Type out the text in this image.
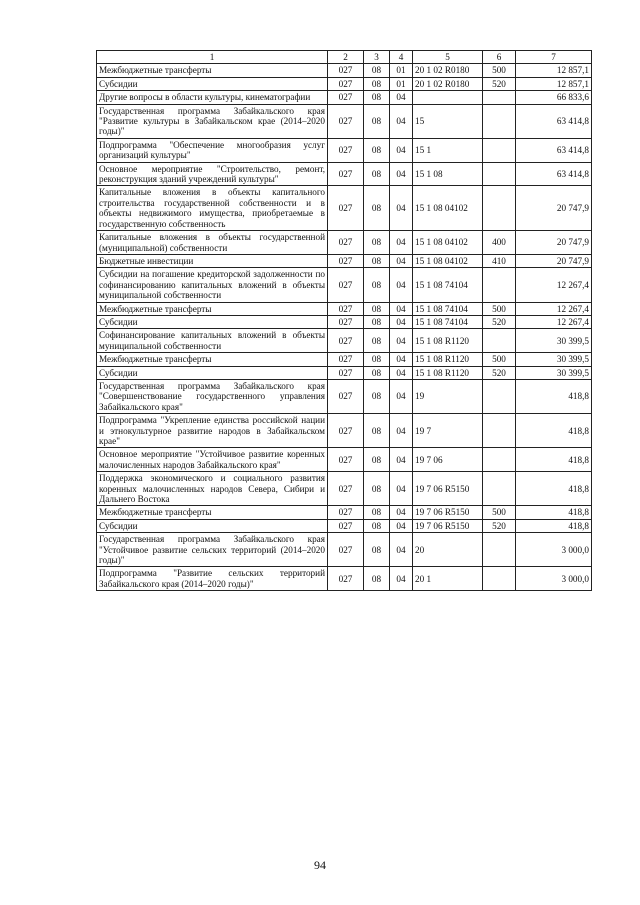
1	2	3	4	5	6	7
Межбюджетные трансферты	027	08	01	20 1 02 R0180	500	12 857,1
Субсидии	027	08	01	20 1 02 R0180	520	12 857,1
Другие вопросы в области культуры, кинематографии	027	08	04			66 833,6
Государственная программа Забайкальского края "Развитие культуры в Забайкальском крае (2014–2020 годы)"	027	08	04	15		63 414,8
Подпрограмма "Обеспечение многообразия услуг организаций культуры"	027	08	04	15 1		63 414,8
Основное мероприятие "Строительство, ремонт, реконструкция зданий учреждений культуры"	027	08	04	15 1 08		63 414,8
Капитальные вложения в объекты капитального строительства государственной собственности и в объекты недвижимого имущества, приобретаемые в государственную собственность	027	08	04	15 1 08 04102		20 747,9
Капитальные вложения в объекты государственной (муниципальной) собственности	027	08	04	15 1 08 04102	400	20 747,9
Бюджетные инвестиции	027	08	04	15 1 08 04102	410	20 747,9
Субсидии на погашение кредиторской задолженности по софинансированию капитальных вложений в объекты муниципальной собственности	027	08	04	15 1 08 74104		12 267,4
Межбюджетные трансферты	027	08	04	15 1 08 74104	500	12 267,4
Субсидии	027	08	04	15 1 08 74104	520	12 267,4
Софинансирование капитальных вложений в объекты муниципальной собственности	027	08	04	15 1 08 R1120		30 399,5
Межбюджетные трансферты	027	08	04	15 1 08 R1120	500	30 399,5
Субсидии	027	08	04	15 1 08 R1120	520	30 399,5
Государственная программа Забайкальского края "Совершенствование государственного управления Забайкальского края"	027	08	04	19		418,8
Подпрограмма "Укрепление единства российской нации и этнокультурное развитие народов в Забайкальском крае"	027	08	04	19 7		418,8
Основное мероприятие "Устойчивое развитие коренных малочисленных народов Забайкальского края"	027	08	04	19 7 06		418,8
Поддержка экономического и социального развития коренных малочисленных народов Севера, Сибири и Дальнего Востока	027	08	04	19 7 06 R5150		418,8
Межбюджетные трансферты	027	08	04	19 7 06 R5150	500	418,8
Субсидии	027	08	04	19 7 06 R5150	520	418,8
Государственная программа Забайкальского края "Устойчивое развитие сельских территорий (2014–2020 годы)"	027	08	04	20		3 000,0
Подпрограмма "Развитие сельских территорий Забайкальского края (2014–2020 годы)"	027	08	04	20 1		3 000,0
94
